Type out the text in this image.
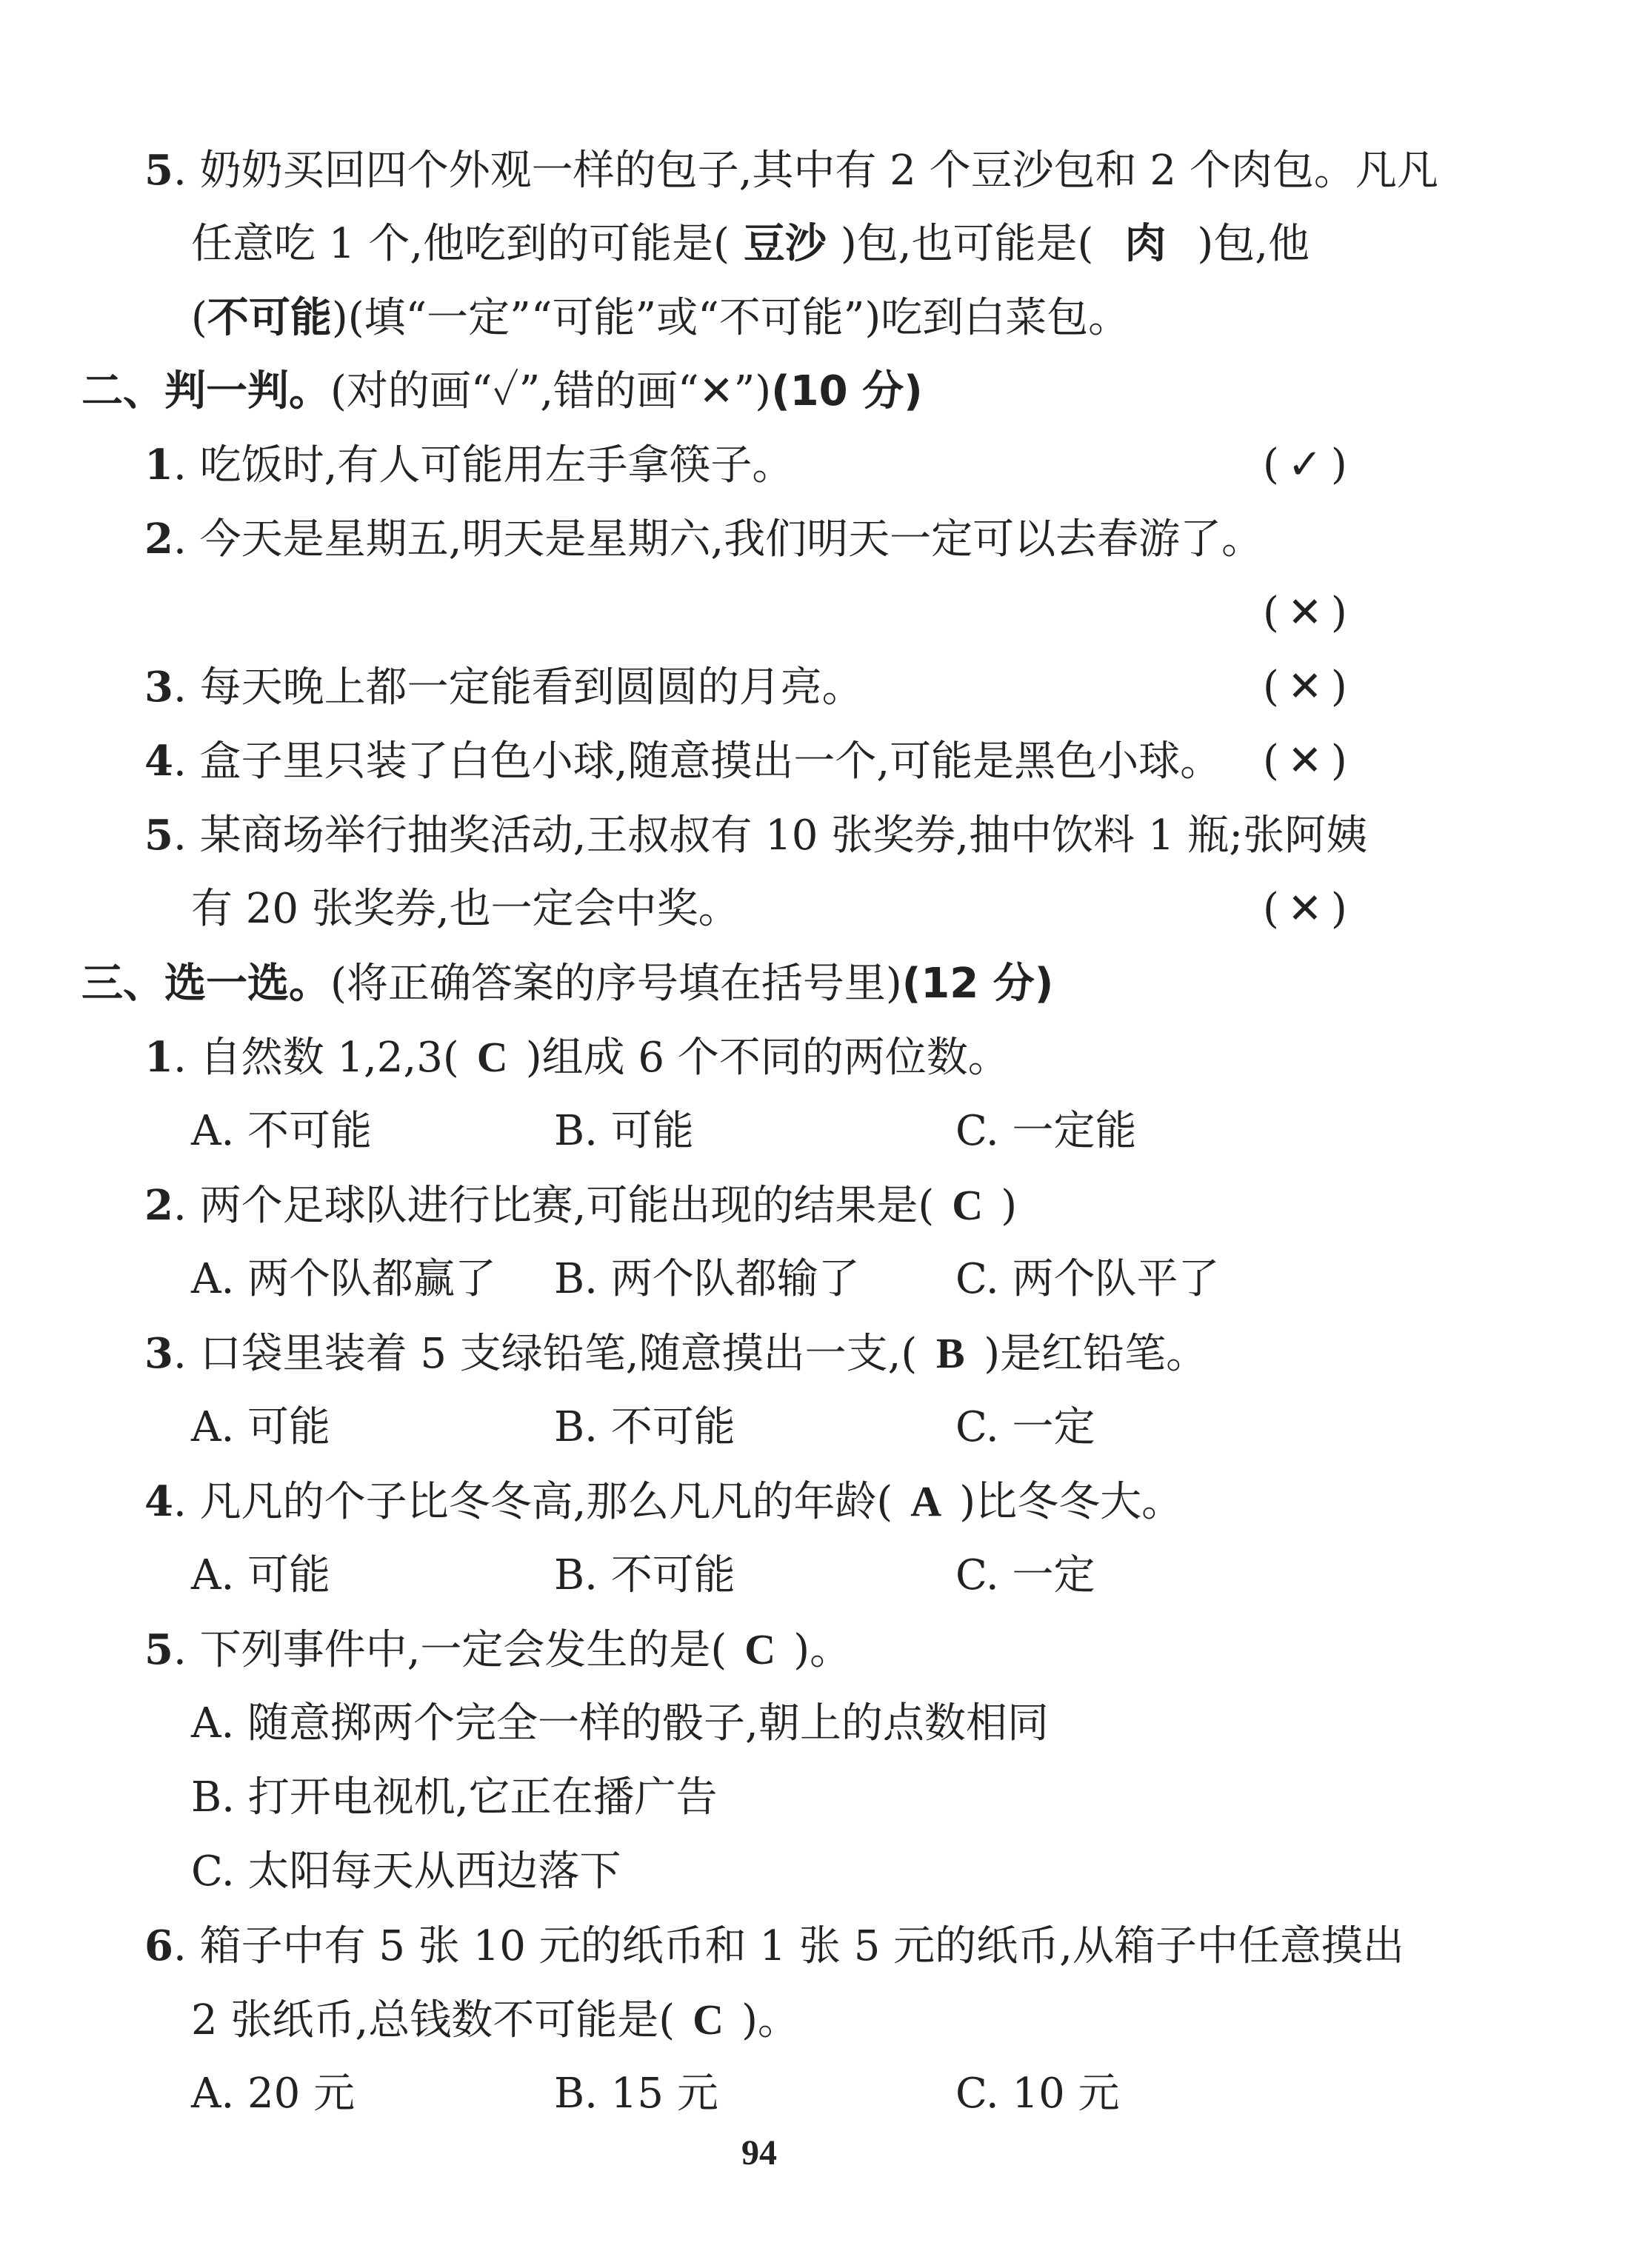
5. 奶奶买回四个外观一样的包子,其中有 2 个豆沙包和 2 个肉包。凡凡
任意吃 1 个,他吃到的可能是( 豆沙 )包,也可能是( 肉 )包,他
(不可能)(填“一定”“可能”或“不可能”)吃到白菜包。
二、判一判。(对的画“✓”,错的画“✕”)(10 分)
1. 吃饭时,有人可能用左手拿筷子。	( ✓ )
2. 今天是星期五,明天是星期六,我们明天一定可以去春游了。
( ✕ )
3. 每天晚上都一定能看到圆圆的月亮。	( ✕ )
4. 盒子里只装了白色小球,随意摸出一个,可能是黑色小球。 ( ✕ )
5. 某商场举行抽奖活动,王叔叔有 10 张奖券,抽中饮料 1 瓶;张阿姨
有 20 张奖券,也一定会中奖。	( ✕ )
三、选一选。(将正确答案的序号填在括号里)(12 分)
1. 自然数 1,2,3( C )组成 6 个不同的两位数。
A. 不可能	B. 可能	C. 一定能
2. 两个足球队进行比赛,可能出现的结果是( C )
A. 两个队都赢了 B. 两个队都输了 C. 两个队平了
3. 口袋里装着 5 支绿铅笔,随意摸出一支,( B )是红铅笔。
A. 可能	B. 不可能	C. 一定
4. 凡凡的个子比冬冬高,那么凡凡的年龄( A )比冬冬大。
A. 可能	B. 不可能	C. 一定
5. 下列事件中,一定会发生的是( C )。
A. 随意掷两个完全一样的骰子,朝上的点数相同
B. 打开电视机,它正在播广告
C. 太阳每天从西边落下
6. 箱子中有 5 张 10 元的纸币和 1 张 5 元的纸币,从箱子中任意摸出
2 张纸币,总钱数不可能是( C )。
A. 20 元	B. 15 元	C. 10 元
94
